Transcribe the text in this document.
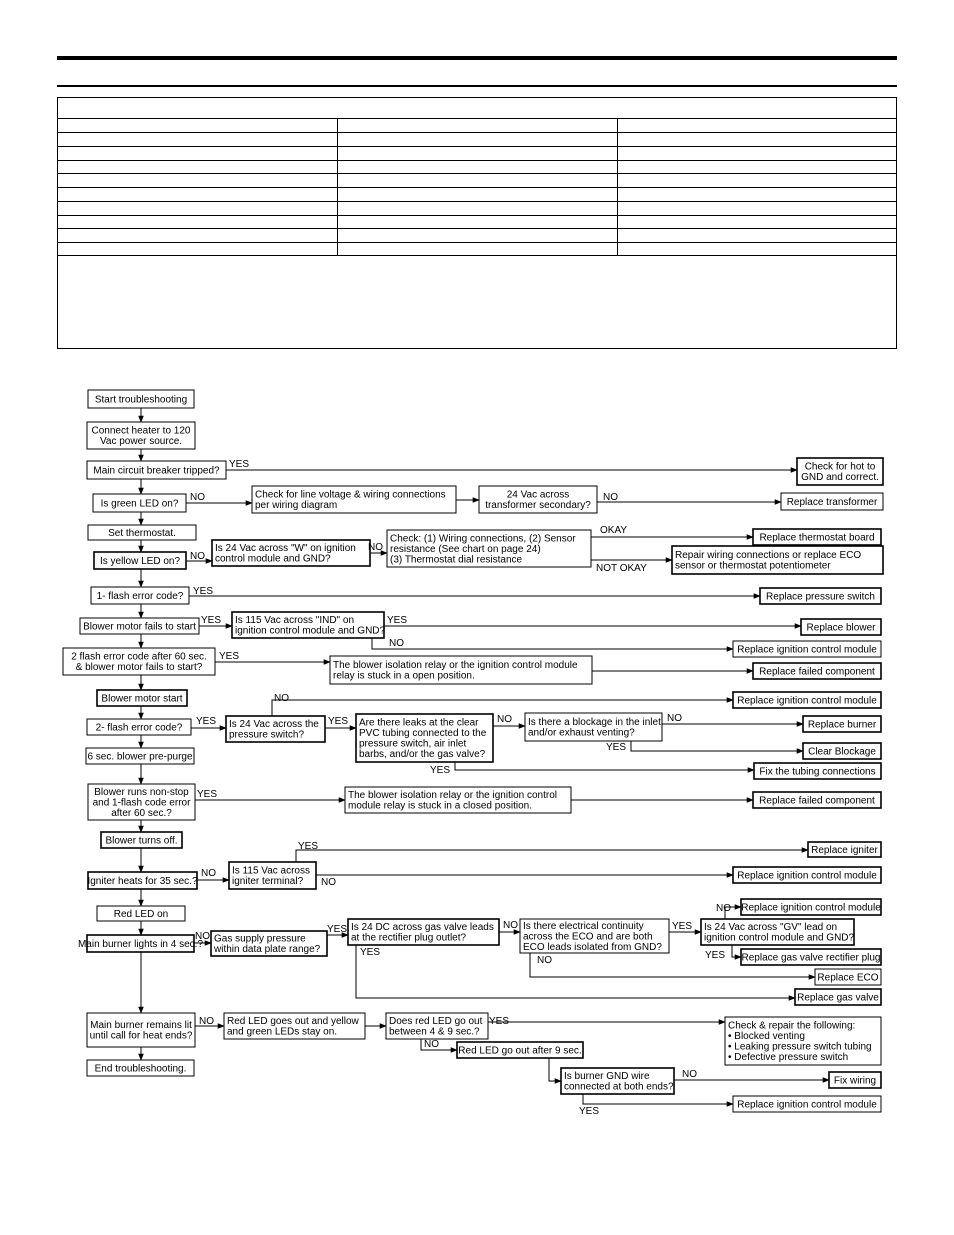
Start troubleshooting
Connect heater to 120
Vac power source.
Main circuit breaker tripped?	Check for hot to
GND and correct.
Is green LED on?
Check for line voltage & wiring connections
per wiring diagram
24 Vac across
transformer secondary?	Replace transformer
Set thermostat.
Is yellow LED on?
Is 24 Vac across "W" on ignition
control module and GND?
Check: (1) Wiring connections, (2) Sensor
resistance (See chart on page 24)
(3) Thermostat dial resistance
Replace thermostat board
Repair wiring connections or replace ECO
sensor or thermostat potentiometer
1- flash error code?	Replace pressure switch
Blower motor fails to start
Is 115 Vac across "IND" on
ignition control module and GND?	Replace blower
Replace ignition control module
2 flash error code after 60 sec.
& blower motor fails to start?	The blower isolation relay or the ignition control module
relay is stuck in a open position.	Replace failed component
Blower motor start	Replace ignition control module
2- flash error code?	Is 24 Vac across the
pressure switch?
Are there leaks at the clear
PVC tubing connected to the
pressure switch, air inlet
barbs, and/or the gas valve?
Is there a blockage in the inlet
and/or exhaust venting?
Replace burner
Clear Blockage
Fix the tubing connections
6 sec. blower pre-purge
Blower runs non-stop
and 1-flash code error
after 60 sec.?
The blower isolation relay or the ignition control
module relay is stuck in a closed position.	Replace failed component
Blower turns off.
Replace igniter
Igniter heats for 35 sec.?
Is 115 Vac across
igniter terminal?
Replace ignition control module
Red LED on
Replace ignition control module
Main burner lights in 4 sec.? Gas supply pressure
within data plate range?
Is 24 DC across gas valve leads
at the rectifier plug outlet?
Is there electrical continuity
across the ECO and are both
ECO leads isolated from GND?
Is 24 Vac across "GV" lead on
ignition control module and GND?
Replace gas valve rectifier plug
Replace ECO
Replace gas valve
Main burner remains lit
until call for heat ends?
Red LED goes out and yellow
and green LEDs stay on.
Does red LED go out
between 4 & 9 sec.?
Check & repair the following:
• Blocked venting
• Leaking pressure switch tubing
• Defective pressure switch
Red LED go out after 9 sec.
Is burner GND wire
connected at both ends?
Fix wiring
Replace ignition control module
End troubleshooting.
YES
NO	NO
NO
NO
OKAY
NOT OKAY
YES
YES	YES
NO
YES
NO
YES	YES	NO	NO
YES
YES
YES
YES
NO
NO
NO
NO
YES	NO	YES
YES
YES
NO
NO	YES
NO
NO
YES
